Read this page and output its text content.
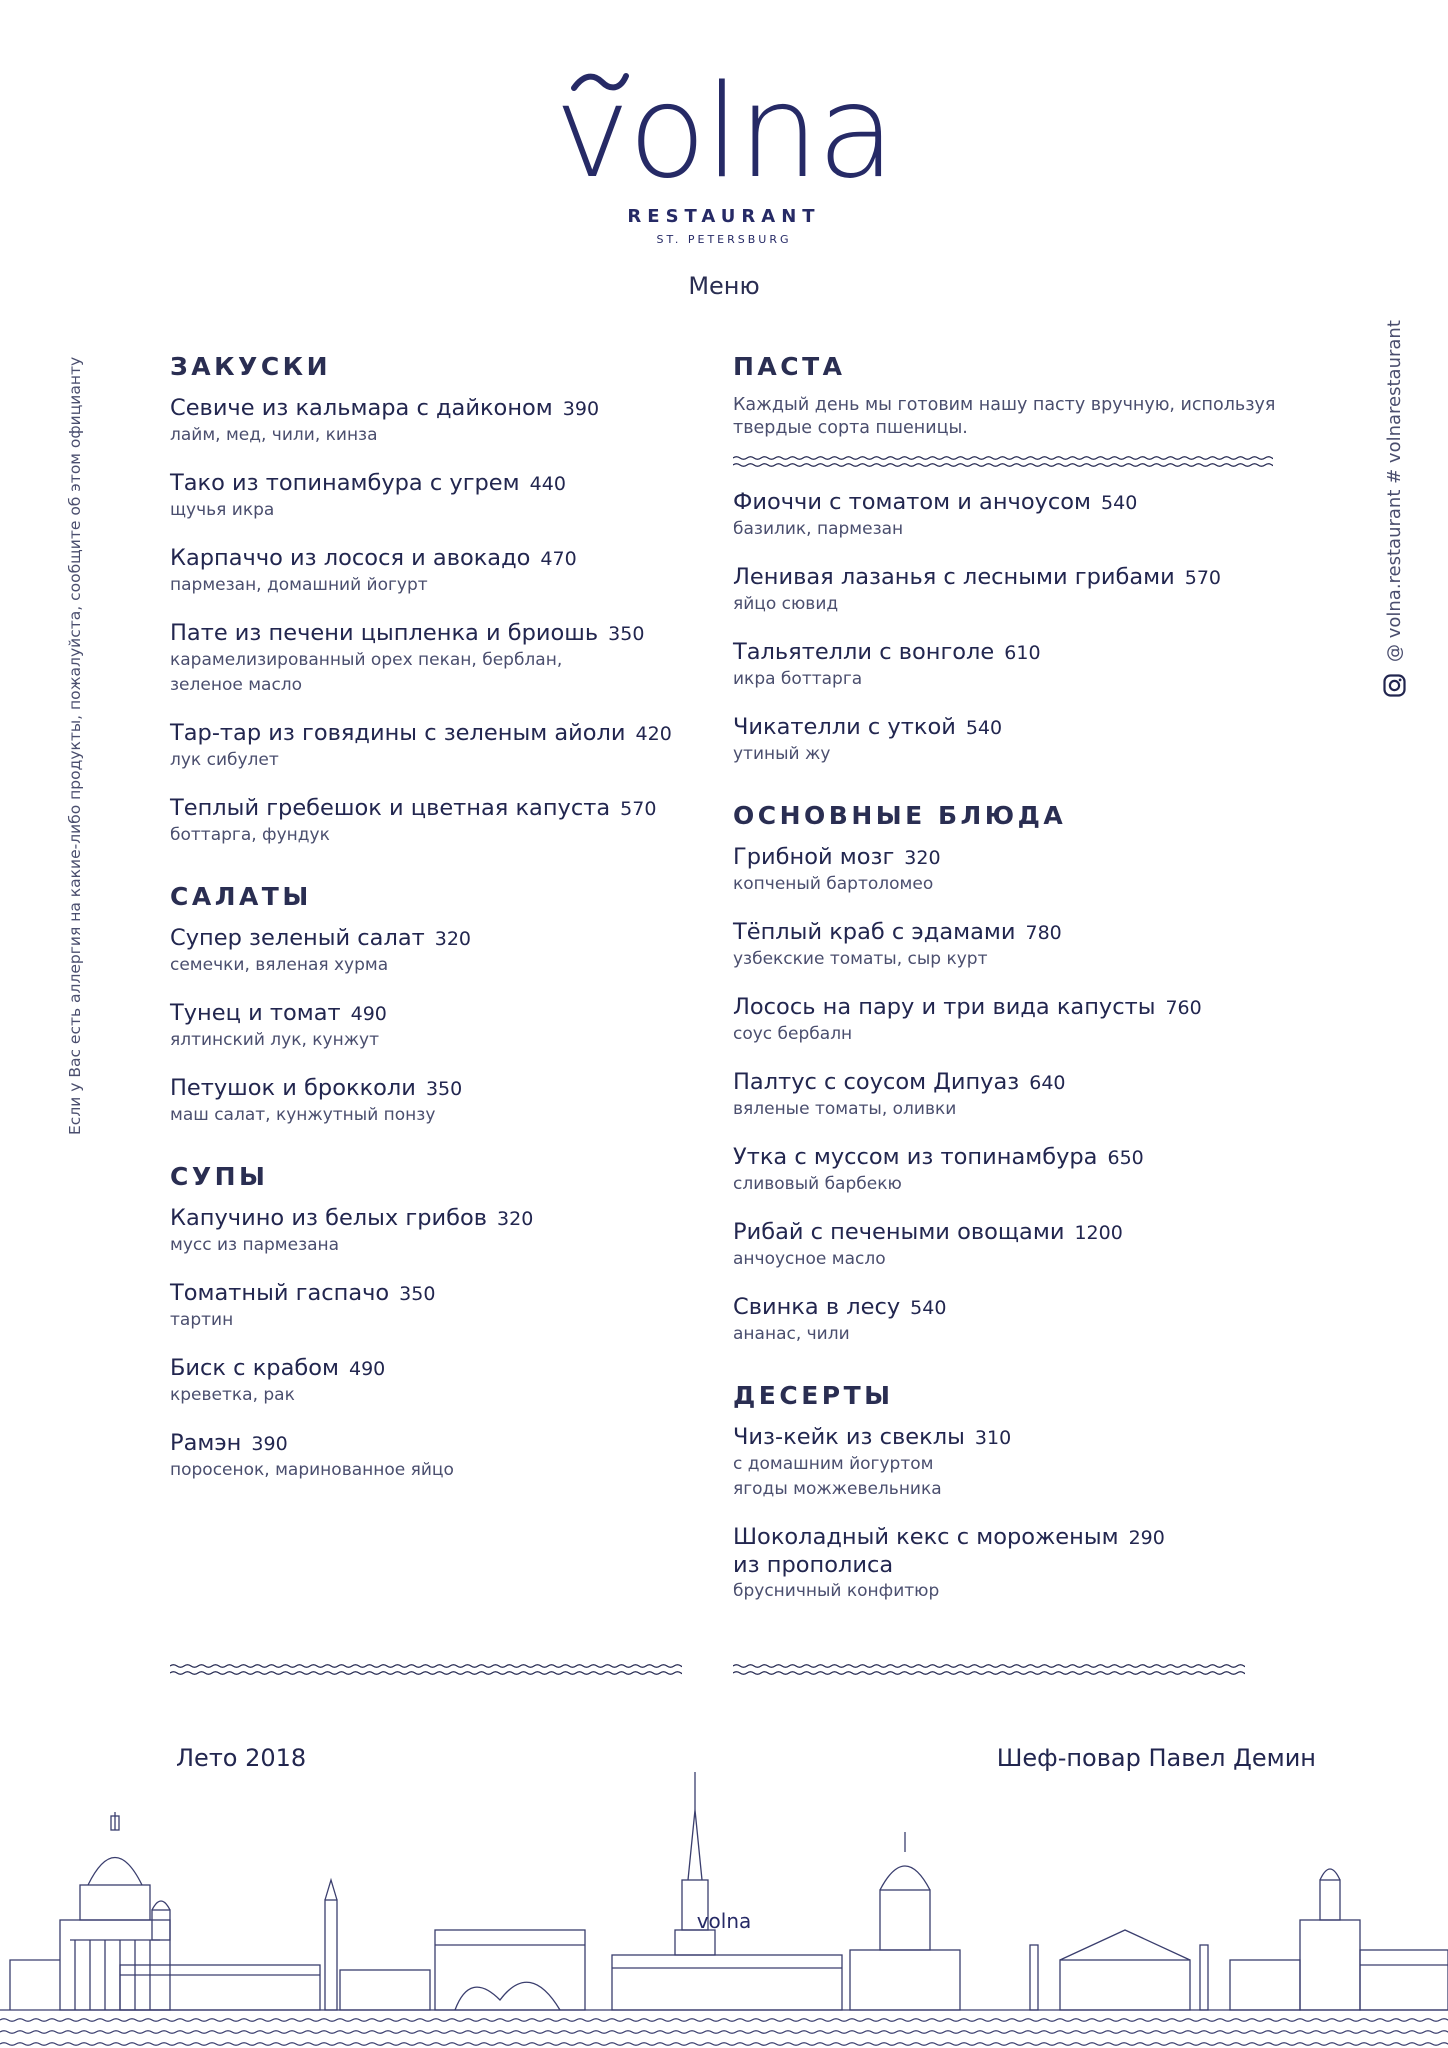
volna
RESTAURANT
ST. PETERSBURG
Меню
Если у Вас есть аллергия на какие-либо продукты, пожалуйста, сообщите об этом официанту	@ volna.restaurant # volnarestaurant
ЗАКУСКИ
Севиче из кальмара с дайконом 390
лайм, мед, чили, кинза
Тако из топинамбура с угрем 440
щучья икра
Карпаччо из лосося и авокадо 470
пармезан, домашний йогурт
Пате из печени цыпленка и бриошь 350
карамелизированный орех пекан, берблан,
зеленое масло
Тар-тар из говядины с зеленым айоли 420
лук сибулет
Теплый гребешок и цветная капуста 570
боттарга, фундук
САЛАТЫ
Супер зеленый салат 320
семечки, вяленая хурма
Тунец и томат 490
ялтинский лук, кунжут
Петушок и брокколи 350
маш салат, кунжутный понзу
СУПЫ
Капучино из белых грибов 320
мусс из пармезана
Томатный гаспачо 350
тартин
Биск с крабом 490
креветка, рак
Рамэн 390
поросенок, маринованное яйцо
ПАСТА
Каждый день мы готовим нашу пасту вручную, используя
твердые сорта пшеницы.
Фиоччи с томатом и анчоусом 540
базилик, пармезан
Ленивая лазанья с лесными грибами 570
яйцо сювид
Тальятелли с вонголе 610
икра боттарга
Чикателли с уткой 540
утиный жу
ОСНОВНЫЕ БЛЮДА
Грибной мозг 320
копченый бартоломео
Тёплый краб с эдамами 780
узбекские томаты, сыр курт
Лосось на пару и три вида капусты 760
соус бербалн
Палтус с соусом Дипуаз 640
вяленые томаты, оливки
Утка с муссом из топинамбура 650
сливовый барбекю
Рибай с печеными овощами 1200
анчоусное масло
Свинка в лесу 540
ананас, чили
ДЕСЕРТЫ
Чиз-кейк из свеклы 310
с домашним йогуртом
ягоды можжевельника
Шоколадный кекс с мороженым 290
из прополиса
брусничный конфитюр
Лето 2018	Шеф-повар Павел Демин
volna
